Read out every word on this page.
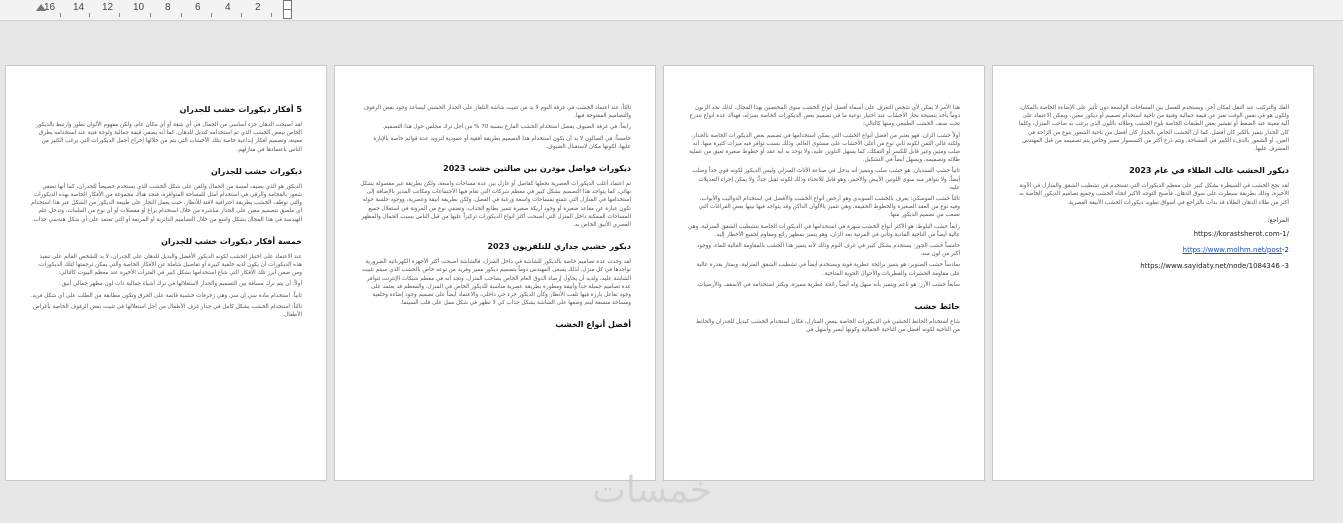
16 14 12 10 8 6 4 2
5 أفكار ديكورات خشب للجدران

لقد أصبحت الدهان جزء أساسي من الجمال في أي شقة أو أي مكان عام، ولكن مفهوم الألوان تطور وارتبط بالديكور الخاص ببعض الخشب الذي تم استخدامه كبديل للدهان، كما أنه يضفي قيمة جمالية ولوحة فنية عند استخدامه بطرق معينة، وتصميم أفكار إبداعية خاصة بتلك الأخشاب التي يتم من خلالها إخراج أجمل الديكورات التي يرغب الكثير من الناس باعتمادها في منازلهم.

ديكورات خشب للجدران

الديكور هو الذي يضيف لمسة من الجمال والفن على شكل الخشب الذي يستخدم خصيصاً للجدران، كما أنها تضفي شعور بالفخامة والرقي في استخدام أمثل للمساحة المتوافرة، فنجد هناك مجموعة من الأفكار الخاصة بهذه الديكورات والتي توظف الخشب بطريقة احترافية لافتة للأنظار، حيث يعمل النجار على طبيعة الديكور من الشكل عبر هذا استخدام أي ملصق بتصميم معين على الجدار مباشرة من خلال استخدام براغ أو مفصلات أو أي نوع من الملبنات، وتدخل علم الهندسة في هذا المجال بشكل واسع من خلال التصاميم الدائرية أو المربعة أو التي تعتمد على أي شكل هندسي جذاب.

خمسة أفكار ديكورات خشب للجدران

عند الاعتماد على اختيار الخشب لكونه الديكور الأفضل والبديل للدهان على الجدران، لا بد للشخص القائم على تنفيذ هذه الديكورات أن يكون لديه خلفية كبيرة أو تفاصيل شاملة عن الأفكار الخاصة والتي يمكن ترجمتها لتلك الديكورات، ومن ضمن أبرز تلك الأفكار التي شاع استخدامها بشكل كبير في الفترات الأخيرة عند معظم البيوت كالتالي:

أولاً: أن يتم ترك مسافة بين التصميم والجدار لاستغلالها في ترك أشياء جمالية ذات لون مظهر جمالي أنيق.

ثانياً: استخدام مادة سي إن سي وهي زخرفات خشبية قائمة على الحرق وتكون مطابقة من الطلب على أي شكل فريد.

ثالثاً: استخدام الخشب بشكل كامل في جدار غرف الأطفال من أجل استغلالها في تثبيت بعض الرفوف الخاصة بأغراض الأطفال.

ثالثاً: عند اعتماد الخشب في غرفة النوم لا بد من تثبيت شاشة التلفاز على الجدار الخشبي ليساعد وجود بعض الرفوف والتصاميم المفتوحة فيها.

رابعاً: في غرفة الضيوف يفضل استخدام الخشب الفارغ بنسبة 70 % من أجل ترك مجلس حول هذا التصميم.

خامساً: في الصالون لا بد أن يكون استخدام هذا التصميم بطريقة أفقية أو عمودية لتزويد عدة قوائم خاصة بالإنارة عليها، لكونها مكان لاستقبال الضيوف.

ديكورات فواصل مودرن بين صالتين خشب 2023

تم اعتماد أغلب الديكورات العصرية بجعلها كفاصل أو عازل بين عدة مساحات واسعة، ولكن بطريقة غير مفصولة بشكل نهائي، كما يتواجد هذا التصميم بشكل كبير في معظم شركات التي تقام فيها الاجتماعات ومكاتب المدير بالإضافة إلى استخدامها في المنازل التي تتمتع بمساحات واسعة ورغبة في الفصل، ولكن بطريقة أنيقة وعصرية، ووجود حلسة حوله تكون عبارة عن مقاعد صغيرة أو وجود أريكة صغيرة تتميز بطابع الجذاب، وتضفي نوع من المرونة في استغلال جميع المساحات الممكنة داخل المنزل التي أصبحت أكثر أنواع الديكورات تركيزاً عليها من قبل الناس بسبب الجمال والمظهر العصري الأنيق الخاص به.

ديكور خشبي جداري للتلفزيون 2023

لقد وجدت عدة تصاميم خاصة بالديكور للشاشة في داخل المنزل، فالشاشة أصبحت أكثر الأجهزة الكهربائية الضرورية تواجدها في كل منزل، لذلك يسعى المهندس دوماً بتصميم ديكور مميز وفريد من نوعه خاص بالخشب الذي سيتم تثبيت الشاشة عليه، ولديه أن يحاول إرضاء الذوق العام الخاص بصاحب المنزل، وتجد أنه في معظم شبكات الإنترنت تتوافر عدة تصاميم جميلة جداً وأنيقة ومطورة بطريقة عصرية مناسبة للديكور الخاص في المنزل، والمعظم قد يعتمد على وجود تفاعل بارزة فيها تلفت الأنظار وكأن الديكور جزء حي داخلي، والاعتماد أيضاً على تصميم وجود إضاءة وخلفية ومساحة متسعة ليتم وضعها على الشاشة بشكل جذاب كي لا تظهر في شكل ممل على قلب السينما.

أفضل أنواع الخشب

هذا الأمر لا يمكن لأي شخص التعرف على أسماء أفضل أنواع الخشب سوى المختصين بهذا المجال، لذلك نجد الزبون دوماً يأخذ بنصيحة نجار الأخشاب عند اختيار نوعية ما في تصميم بعض الديكورات الخاصة بمنزله، فهناك عدة أنواع تندرج تحت صنف الخشب الطبيعي ومنها كالتالي:

أولاً خشب الزان: فهو يعتبر من أفضل أنواع الخشب التي يمكن استخدامها في تصميم بعض الديكورات الخاصة بالجدار، ولكنه غالي الثمن لكونه ثاني نوع من أغلى الأخشاب على مستوى العالم، وذلك بسبب توافر فيه ميزات كثيرة منها: أنه صلب ومتين وغير قابل للكسر أو التفكك، كما يسهل التلوين عليه، ولا توجد به أية عقد أو خطوط صغيرة تعيق من عملية طلائه وتصميمه، ويسهل أيضاً في التشكيل.

ثانياً خشب السنديان: هو خشب صلب ويتميز أنه يدخل في صناعة الأثاث المنزلي وليس الديكور لكونه قوي جداً وصلب أيضاً، ولا يتوافر منه سوى اللونين الأبيض والأحمر، وهو قابل للانحناء وذلك لكونه ثقيل جداً، ولا يمكن إجراء التعديلات عليه.

ثالثاً خشب الموسكي: يعرف بالخشب السويدي وهو أرخص أنواع الخشب والأفضل في استخدام الدواليب والأبواب، وفيه نوع من العقد الصغيرة والخطوط الخفيفة، وهي تتميز بالألوان الداكن وقد يتواجد فيها بينها بعض الفراغات التي تصعب من تصميم الديكور منها.

رابعاً خشب البلوط: هو الأكثر أنواع الخشب شهرة في استخدامها في الديكورات الخاصة بتشطيب الشقق المنزلية، وهي عالية أيضاً من الناحية المادية وتأتي في المرتبة بعد الزان، وهو يتميز بمظهر رائع ومقاوم لجميع الأخطار إليه.

خامساً خشب الجوز: يستخدم بشكل كبير في غرف النوم وذلك لأنه يتميز هذا الخشب بالمقاومة العالية للماء، ووجود أكثر من لون منه.

سادساً خشب الصنوبر: هو يتميز برائحة عطرية قوية ويستخدم أيضاً في تشطيب الشقق المنزلية، ويمتاز بقدرة عالية على مقاومة الحشرات والفطريات والأحوال الجوية المناخية.

سابعاً خشب الأرز: هو ناعم ويتميز بأنه سهل وله أيضاً رائحة عطرية مميزة، ويكثر استخدامه في الأسقف والأرضيات.

حائط خشب

شاع استخدام الحائط الخشبي في الديكورات الخاصة ببعض المنازل، فكان استخدام الخشب كبديل للجدران والحائط من الناحية لكونه أفضل من الناحية الجمالية وكونها أيسر وأسهل في

الفك والتركيب عند النقل لمكان آخر، ويستخدم للفصل بين المساحات الواسعة دون تأثير على الإضاءة الخاصة بالمكان، ولكون هو في نفس الوقت تعبر عن قيمة جمالية وفنية من ناحية استخدام تصميم أو ديكور معين، ويمكن الاعتماد على آلية معينة عند الضغط أو تقشير بعض الطبقات الخاصة بلوح الخشب وطلائه باللون الذي يرغب به صاحب المنزل، وكلما كان الجدار يتميز بالكبر كان أفضل، كما أن الخشب الخاص بالجدار كان أفضل من ناحية الشعور بنوع من الراحة في العين، أو الشعور بالدفء الكبير في المساحة، ويتم ذرج أكثر من اكسسوار مميز وخاص يتم تصميمه من قبل المهندس المشرف عليها.

ديكور الخشب غالب الطلاء في عام 2023

لقد نجح الخشب في السيطرة بشكل كبير على معظم الديكورات التي تستخدم في تشطيب الشقق والمنازل في الآونة الأخيرة، وذلك بطريقة سيطرت على سوق الدهان، فأصبح التوجه الأكبر اتجاه الخشب وجميع تصاميم الديكور الخاصة به أكثر من طلاء الدهان الطلاء قد بدأت بالتراجع في أسواق تطويد ديكورات الخشب الأنيقة العصرية.

المراجع:
https://korastsherot.com-1/
https://www.molhm.net/post-2
https://www.sayidaty.net/node/1084346 -3
خمسات
